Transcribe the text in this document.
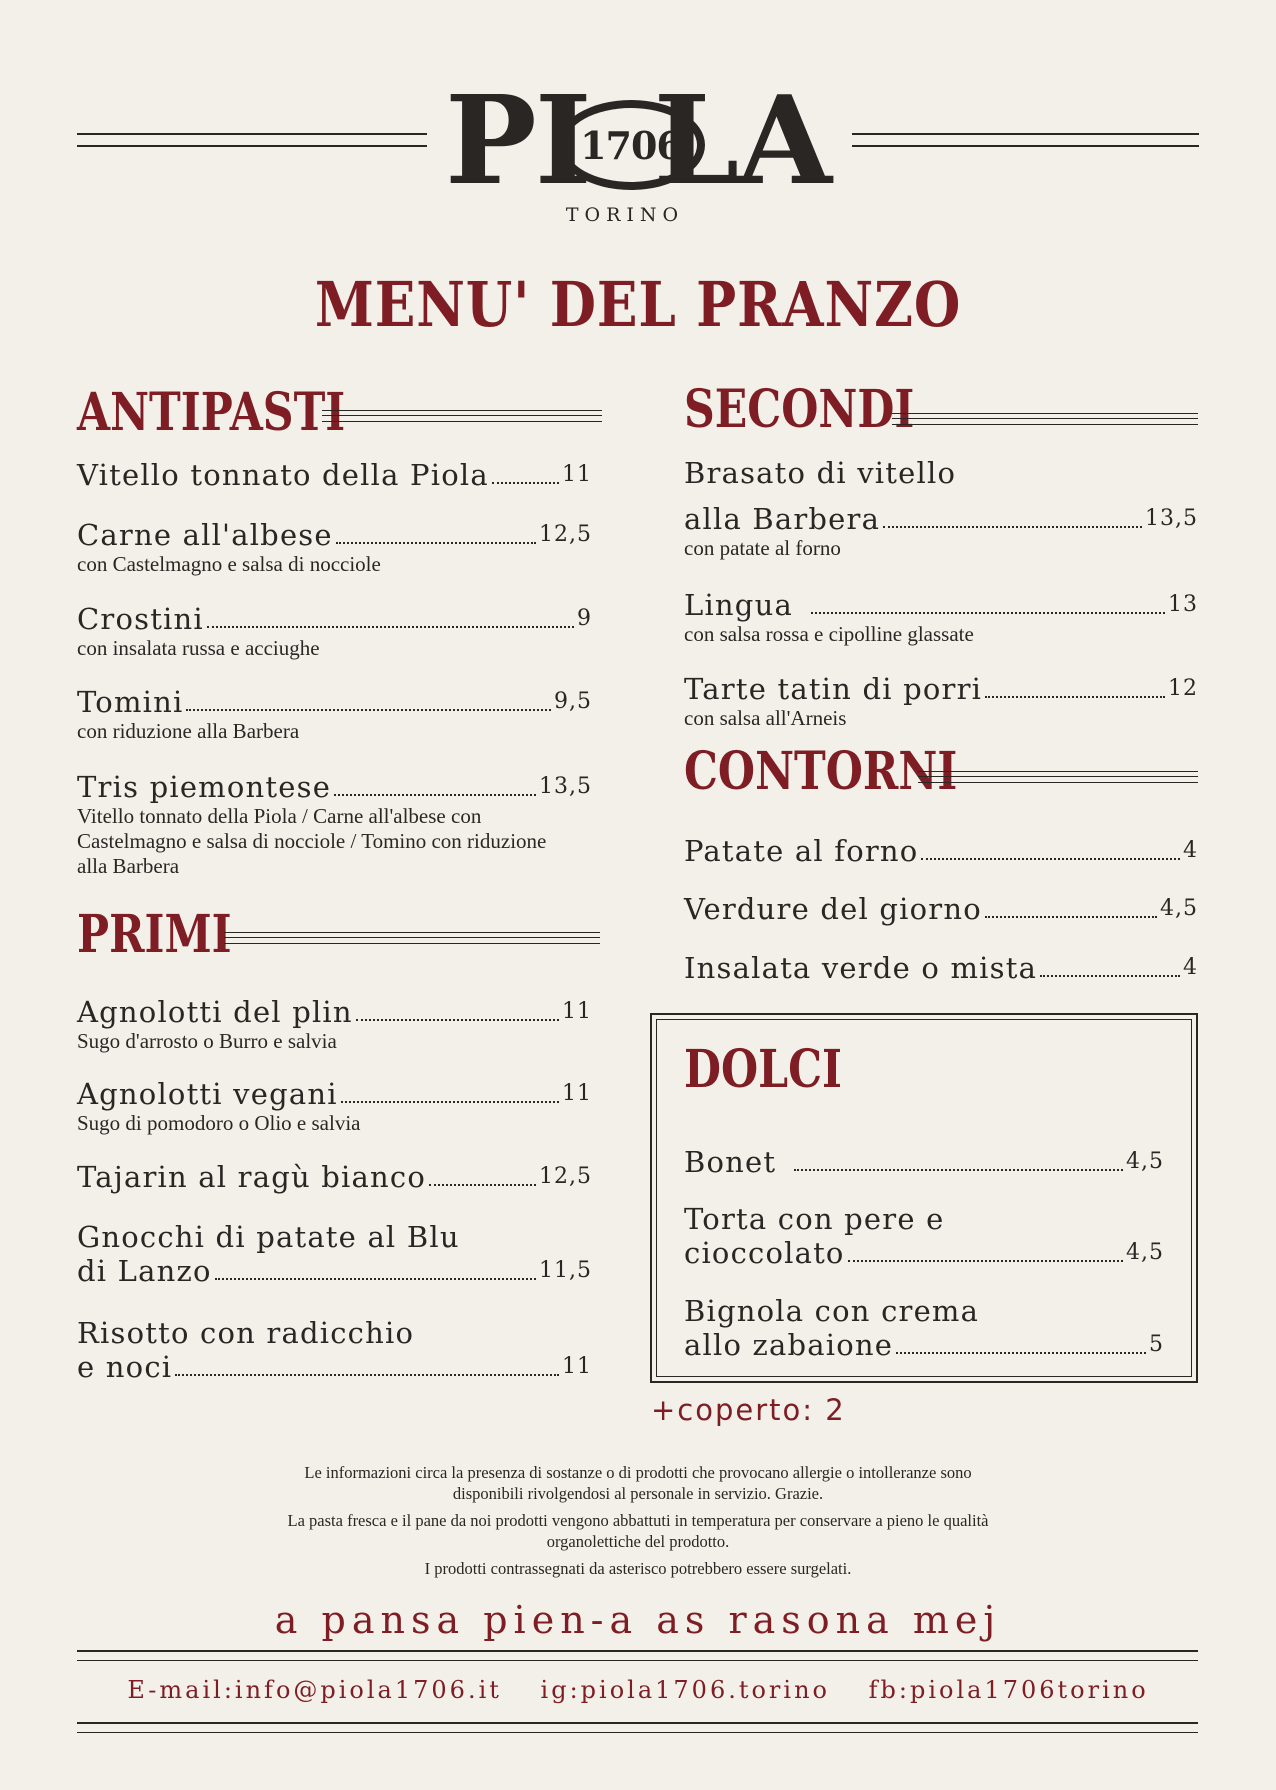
PI
1706
LA
TORINO
MENU' DEL PRANZO
ANTIPASTI
Vitello tonnato della Piola	11
Carne all'albese	12,5
con Castelmagno e salsa di nocciole
Crostini	9
con insalata russa e acciughe
Tomini	9,5
con riduzione alla Barbera
Tris piemontese	13,5
Vitello tonnato della Piola / Carne all'albese con Castelmagno e salsa di nocciole / Tomino con riduzione alla Barbera
PRIMI
Agnolotti del plin	11
Sugo d'arrosto o Burro e salvia
Agnolotti vegani	11
Sugo di pomodoro o Olio e salvia
Tajarin al ragù bianco	12,5
Gnocchi di patate al Blu
di Lanzo	11,5
Risotto con radicchio
e noci	11
SECONDI
Brasato di vitello
alla Barbera	13,5
con patate al forno
Lingua	13
con salsa rossa e cipolline glassate
Tarte tatin di porri	12
con salsa all'Arneis
CONTORNI
Patate al forno	4
Verdure del giorno	4,5
Insalata verde o mista	4
DOLCI
Bonet	4,5
Torta con pere e
cioccolato	4,5
Bignola con crema
allo zabaione	5
+coperto: 2
Le informazioni circa la presenza di sostanze o di prodotti che provocano allergie o intolleranze sono disponibili rivolgendosi al personale in servizio. Grazie.
La pasta fresca e il pane da noi prodotti vengono abbattuti in temperatura per conservare a pieno le qualità organolettiche del prodotto.
I prodotti contrassegnati da asterisco potrebbero essere surgelati.
a pansa pien-a as rasona mej
E-mail:info@piola1706.it ig:piola1706.torino fb:piola1706torino
